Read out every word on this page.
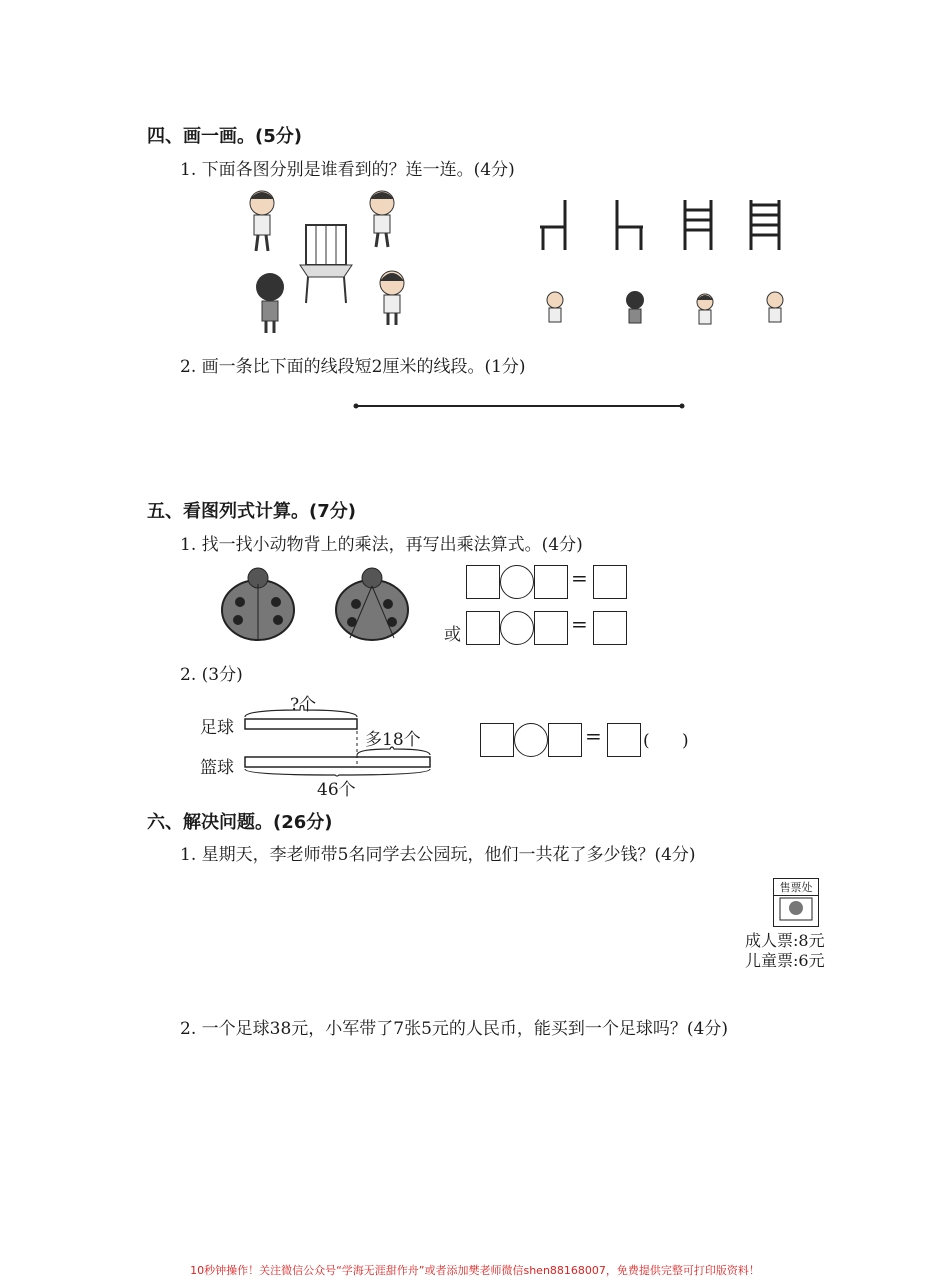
四、画一画。(5分)
1. 下面各图分别是谁看到的？连一连。(4分)
2. 画一条比下面的线段短2厘米的线段。(1分)
五、看图列式计算。(7分)
1. 找一找小动物背上的乘法，再写出乘法算式。(4分)
=
或	=
2. (3分)
?个
足球
篮球
多18个
46个
= (      )
六、解决问题。(26分)
1. 星期天，李老师带5名同学去公园玩，他们一共花了多少钱？(4分)
售票处
成人票:8元
儿童票:6元
2. 一个足球38元，小军带了7张5元的人民币，能买到一个足球吗？(4分)
10秒钟操作！关注微信公众号“学海无涯甜作舟”或者添加樊老师微信shen88168007，免费提供完整可打印版资料！
